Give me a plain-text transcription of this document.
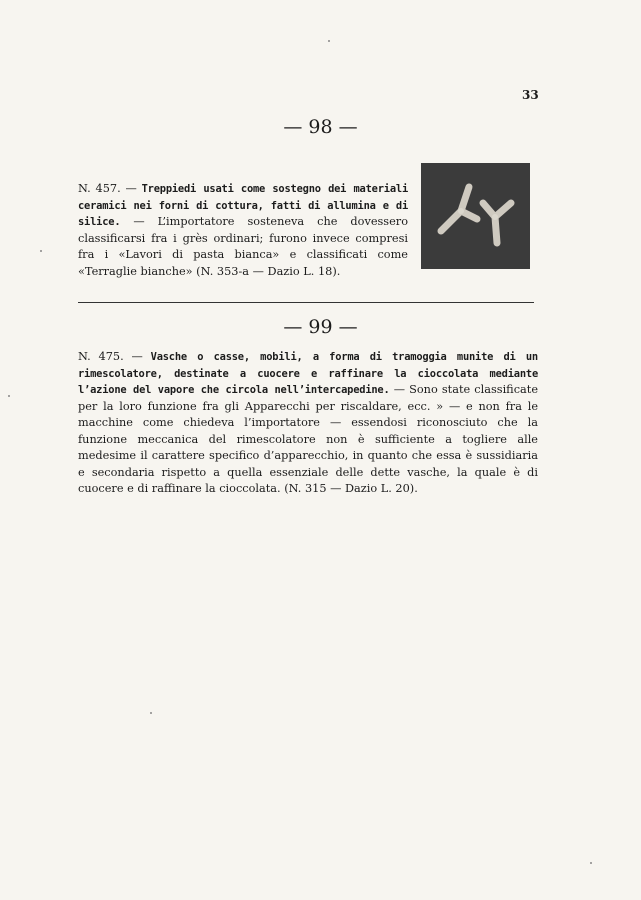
33
— 98 —
N. 457. — Treppiedi usati come sostegno dei materiali ceramici nei forni di cottura, fatti di allumina e di silice. — L’importatore sosteneva che dovessero classificarsi fra i grès ordinari; furono invece compresi fra i «Lavori di pasta bianca» e classificati come «Terraglie bianche» (N. 353-a — Dazio L. 18).
— 99 —
N. 475. — Vasche o casse, mobili, a forma di tramoggia munite di un rimescolatore, destinate a cuocere e raffinare la cioccolata mediante l’azione del vapore che circola nell’intercapedine. — Sono state classificate per la loro funzione fra gli Apparecchi per riscaldare, ecc. » — e non fra le macchine come chiedeva l’importatore — essendosi riconosciuto che la funzione meccanica del rimescolatore non è sufficiente a togliere alle medesime il carattere specifico d’apparecchio, in quanto che essa è sussidiaria e secondaria rispetto a quella essenziale delle dette vasche, la quale è di cuocere e di raffinare la cioccolata. (N. 315 — Dazio L. 20).
